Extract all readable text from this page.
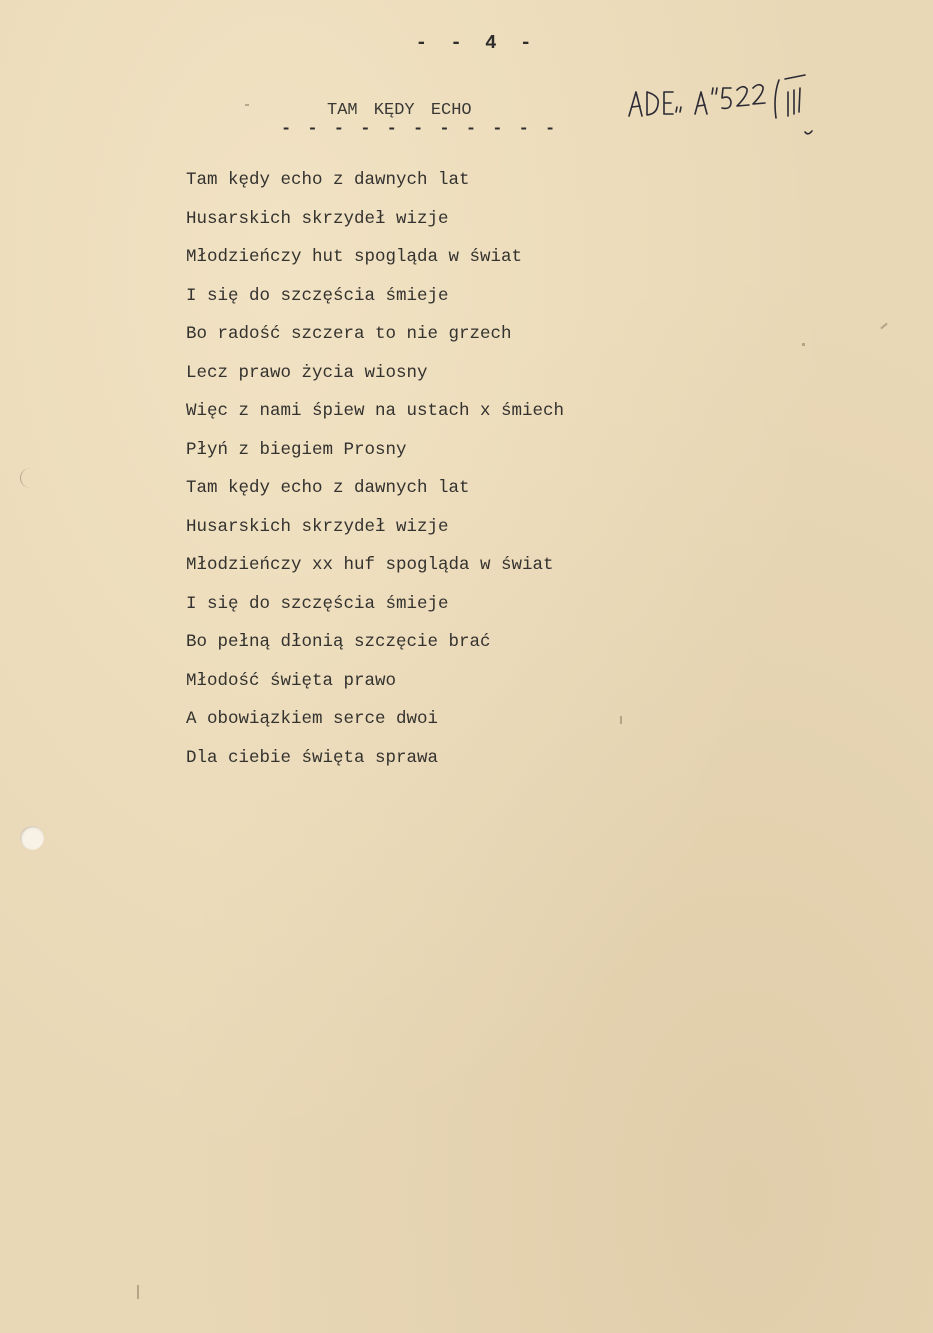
- - 4 -
TAM KĘDY ECHO
- - - - - - - - - - -
Tam kędy echo z dawnych lat
Husarskich skrzydeł wizje
Młodzieńczy hut spogląda w świat
I się do szczęścia śmieje
Bo radość szczera to nie grzech
Lecz prawo życia wiosny
Więc z nami śpiew na ustach x śmiech
Płyń z biegiem Prosny
Tam kędy echo z dawnych lat
Husarskich skrzydeł wizje
Młodzieńczy xx huf spogląda w świat
I się do szczęścia śmieje
Bo pełną dłonią szczęcie brać
Młodość święta prawo
A obowiązkiem serce dwoi
Dla ciebie święta sprawa
